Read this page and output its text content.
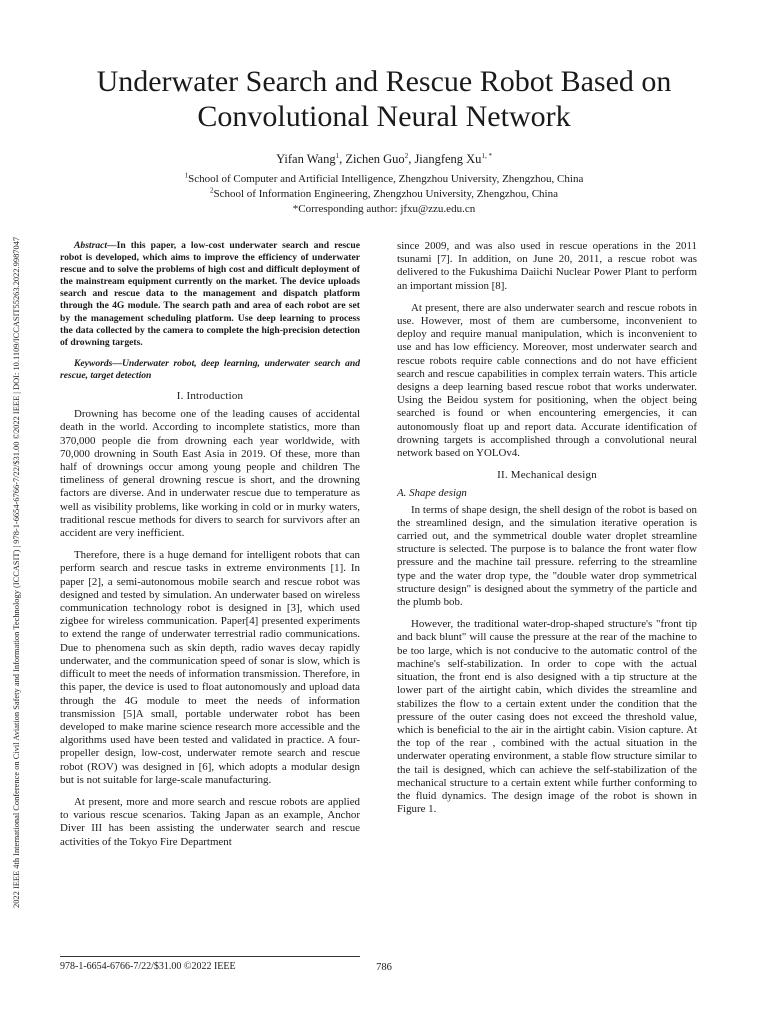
2022 IEEE 4th International Conference on Civil Aviation Safety and Information Technology (ICCASIT) | 978-1-6654-6766-7/22/$31.00 ©2022 IEEE | DOI: 10.1109/ICCASIT55263.2022.9987047
Underwater Search and Rescue Robot Based on
Convolutional Neural Network
Yifan Wang$^1$, Zichen Guo$^2$, Jiangfeng $Xu^{1, *}$
$^1$School of Computer and Artificial Intelligence, Zhengzhou University, Zhengzhou, China
$^2$School of Information Engineering, Zhengzhou University, Zhengzhou, China
*Corresponding author: jfxu@zzu.edu.cn

Abstract—In this paper, a low-cost underwater search and rescue robot is developed, which aims to improve the efficiency of underwater rescue and to solve the problems of high cost and difficult deployment of the mainstream equipment currently on the market. The device uploads search and rescue data to the management and dispatch platform through the 4G module. The search path and area of each robot are set by the management scheduling platform. Use deep learning to process the data collected by the camera to complete the high-precision detection of drowning targets.

Keywords—Underwater robot, deep learning, underwater search and rescue, target detection

I. Introduction

Drowning has become one of the leading causes of accidental death in the world. According to incomplete statistics, more than 370,000 people die from drowning each year worldwide, with 70,000 drowning in South East Asia in 2019. Of these, more than half of drownings occur among young people and children The timeliness of general drowning rescue is short, and the drowning factors are diverse. And in underwater rescue due to temperature as well as visibility problems, like working in cold or in murky waters, traditional rescue methods for divers to search for survivors after an accident are very inefficient.

Therefore, there is a huge demand for intelligent robots that can perform search and rescue tasks in extreme environments [1]. In paper [2], a semi-autonomous mobile search and rescue robot was designed and tested by simulation. An underwater based on wireless communication technology robot is designed in [3], which used zigbee for wireless communication. Paper[4] presented experiments to extend the range of underwater terrestrial radio communications. Due to phenomena such as skin depth, radio waves decay rapidly underwater, and the communication speed of sonar is slow, which is difficult to meet the needs of information transmission. Therefore, in this paper, the device is used to float autonomously and upload data through the 4G module to meet the needs of information transmission [5]A small, portable underwater robot has been developed to make marine science research more accessible and the algorithms used have been tested and validated in practice. A four-propeller design, low-cost, underwater remote search and rescue robot (ROV) was designed in [6], which adopts a modular design but is not suitable for large-scale manufacturing.

At present, more and more search and rescue robots are applied to various rescue scenarios. Taking Japan as an example, Anchor Diver III has been assisting the underwater search and rescue activities of the Tokyo Fire Department

since 2009, and was also used in rescue operations in the 2011 tsunami [7]. In addition, on June 20, 2011, a rescue robot was delivered to the Fukushima Daiichi Nuclear Power Plant to perform an important mission [8].

At present, there are also underwater search and rescue robots in use. However, most of them are cumbersome, inconvenient to deploy and require manual manipulation, which is inconvenient to use and has low efficiency. Moreover, most underwater search and rescue robots require cable connections and do not have efficient search and rescue capabilities in complex terrain waters. This article designs a deep learning based rescue robot that works underwater. Using the Beidou system for positioning, when the object being searched is found or when encountering emergencies, it can autonomously float up and report data. Accurate identification of drowning targets is accomplished through a convolutional neural network based on YOLOv4.

II. Mechanical design
A. Shape design

In terms of shape design, the shell design of the robot is based on the streamlined design, and the simulation iterative operation is carried out, and the symmetrical double water droplet streamline structure is selected. The purpose is to balance the front water flow pressure and the machine tail pressure. referring to the streamline type and the water drop type, the "double water drop symmetrical structure design" is designed about the symmetry of the particle and the plumb bob.

However, the traditional water-drop-shaped structure's "front tip and back blunt" will cause the pressure at the rear of the machine to be too large, which is not conducive to the automatic control of the machine's self-stabilization. In order to cope with the actual situation, the front end is also designed with a tip structure at the lower part of the airtight cabin, which divides the streamline and stabilizes the flow to a certain extent under the condition that the pressure of the outer casing does not exceed the threshold value, which is beneficial to the air in the airtight cabin. Vision capture. At the top of the rear , combined with the actual situation in the underwater operating environment, a stable flow structure similar to the tail is designed, which can achieve the self-stabilization of the mechanical structure to a certain extent while further conforming to the fluid dynamics. The design image of the robot is shown in Figure 1.

978-1-6654-6766-7/22/$31.00 ©2022 IEEE	786
